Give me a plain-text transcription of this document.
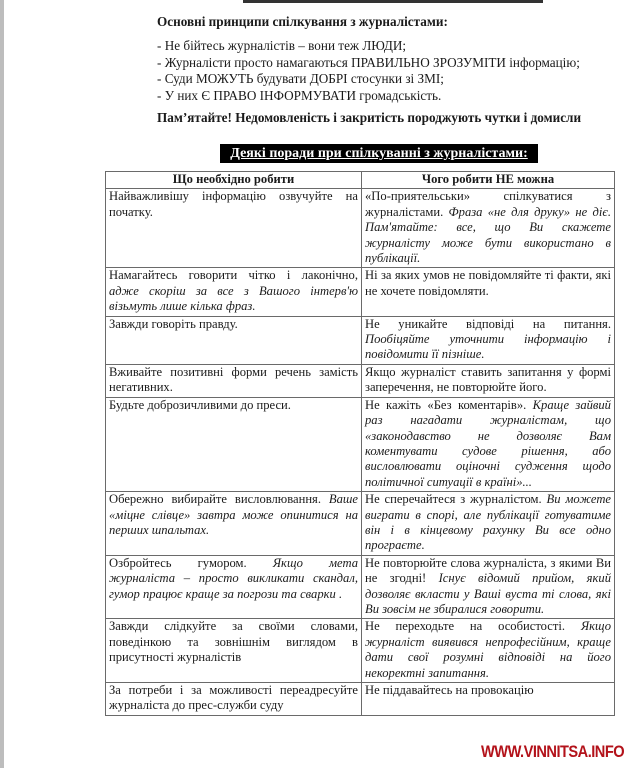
Основні принципи спілкування з журналістами:
- Не бійтесь журналістів – вони теж ЛЮДИ;
- Журналісти просто намагаються ПРАВИЛЬНО ЗРОЗУМІТИ інформацію;
- Суди МОЖУТЬ будувати ДОБРІ стосунки зі ЗМІ;
- У них Є ПРАВО ІНФОРМУВАТИ громадськість.
Пам’ятайте! Недомовленість і закритість породжують чутки і домисли
Деякі поради при спілкуванні з журналістами:
Що необхідно робити	Чого робити НЕ можна
Найважливішу інформацію озвучуйте на початку.	«По-приятельськи» спілкуватися з журналістами. Фраза «не для друку» не діє. Пам'ятайте: все, що Ви скажете журналісту може бути використано в публікації.
Намагайтесь говорити чітко і лаконічно, адже скоріш за все з Вашого інтерв'ю візьмуть лише кілька фраз.	Ні за яких умов не повідомляйте ті факти, які не хочете повідомляти.
Завжди говоріть правду.	Не уникайте відповіді на питання. Пообіцяйте уточнити інформацію і повідомити її пізніше.
Вживайте позитивні форми речень замість негативних.	Якщо журналіст ставить запитання у формі заперечення, не повторюйте його.
Будьте доброзичливими до преси.	Не кажіть «Без коментарів». Краще зайвий раз нагадати журналістам, що «законодавство не дозволяє Вам коментувати судове рішення, або висловлювати оціночні судження щодо політичної ситуації в країні»...
Обережно вибирайте висловлювання. Ваше «міцне слівце» завтра може опинитися на перших шпальтах.	Не сперечайтеся з журналістом. Ви можете виграти в спорі, але публікації готуватиме він і в кінцевому рахунку Ви все одно програєте.
Озбройтесь гумором. Якщо мета журналіста – просто викликати скандал, гумор працює краще за погрози та сварки .	Не повторюйте слова журналіста, з якими Ви не згодні! Існує відомий прийом, який дозволяє вкласти у Ваші вуста ті слова, які Ви зовсім не збиралися говорити.
Завжди слідкуйте за своїми словами, поведінкою та зовнішнім виглядом в присутності журналістів	Не переходьте на особистості. Якщо журналіст виявився непрофесійним, краще дати свої розумні відповіді на його некоректні запитання.
За потреби і за можливості переадресуйте журналіста до прес-служби суду	Не піддавайтесь на провокацію
WWW.VINNITSA.INFO
